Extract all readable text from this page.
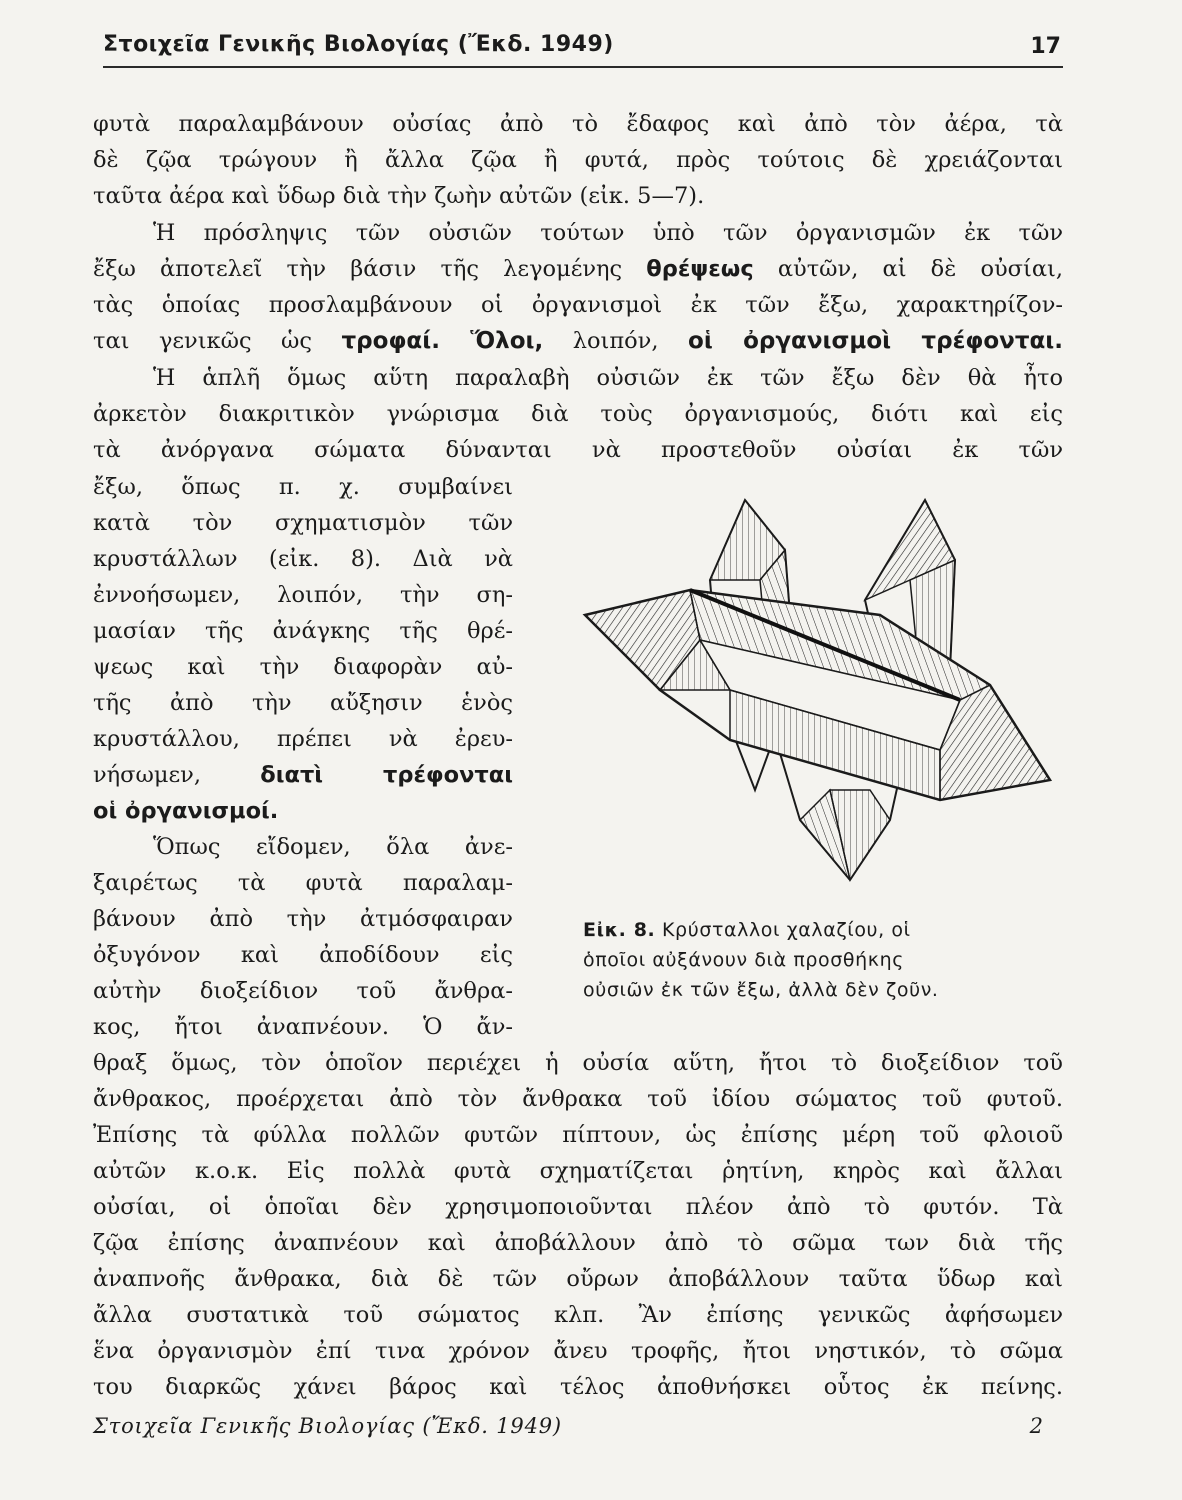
Στοιχεῖα Γενικῆς Βιολογίας (Ἔκδ. 1949)	17
φυτὰ παραλαμβάνουν οὐσίας ἀπὸ τὸ ἔδαφος καὶ ἀπὸ τὸν ἀέρα, τὰ
δὲ ζῷα τρώγουν ἢ ἄλλα ζῷα ἢ φυτά, πρὸς τούτοις δὲ χρειάζονται
ταῦτα ἀέρα καὶ ὕδωρ διὰ τὴν ζωὴν αὐτῶν (εἰκ. 5—7).
Ἡ πρόσληψις τῶν οὐσιῶν τούτων ὑπὸ τῶν ὀργανισμῶν ἐκ τῶν
ἔξω ἀποτελεῖ τὴν βάσιν τῆς λεγομένης θρέψεως αὐτῶν, αἱ δὲ οὐσίαι,
τὰς ὁποίας προσλαμβάνουν οἱ ὀργανισμοὶ ἐκ τῶν ἔξω, χαρακτηρίζον-
ται γενικῶς ὡς τροφαί. Ὅλοι, λοιπόν, οἱ ὀργανισμοὶ τρέφονται.
Ἡ ἁπλῆ ὅμως αὕτη παραλαβὴ οὐσιῶν ἐκ τῶν ἔξω δὲν θὰ ἦτο
ἀρκετὸν διακριτικὸν γνώρισμα διὰ τοὺς ὀργανισμούς, διότι καὶ εἰς
τὰ ἀνόργανα σώματα δύνανται νὰ προστεθοῦν οὐσίαι ἐκ τῶν
ἔξω, ὅπως π. χ. συμβαίνει
κατὰ τὸν σχηματισμὸν τῶν
κρυστάλλων (εἰκ. 8). Διὰ νὰ
ἐννοήσωμεν, λοιπόν, τὴν ση-
μασίαν τῆς ἀνάγκης τῆς θρέ-
ψεως καὶ τὴν διαφορὰν αὐ-
τῆς ἀπὸ τὴν αὔξησιν ἑνὸς
κρυστάλλου, πρέπει νὰ ἐρευ-
νήσωμεν,	διατὶ τρέφονται
οἱ ὀργανισμοί.
Ὅπως εἴδομεν, ὅλα ἀνε-
ξαιρέτως τὰ φυτὰ παραλαμ-
βάνουν ἀπὸ τὴν ἀτμόσφαιραν
ὀξυγόνον καὶ ἀποδίδουν εἰς
αὐτὴν διοξείδιον τοῦ ἄνθρα-
κος, ἤτοι ἀναπνέουν. Ὁ ἄν-
Εἰκ. 8. Κρύσταλλοι χαλαζίου, οἱ
ὁποῖοι αὐξάνουν διὰ προσθήκης
οὐσιῶν ἐκ τῶν ἔξω, ἀλλὰ δὲν ζοῦν.
θραξ ὅμως, τὸν ὁποῖον περιέχει ἡ οὐσία αὕτη, ἤτοι τὸ διοξείδιον τοῦ
ἄνθρακος, προέρχεται ἀπὸ τὸν ἄνθρακα τοῦ ἰδίου σώματος τοῦ φυτοῦ.
Ἐπίσης τὰ φύλλα πολλῶν φυτῶν πίπτουν, ὡς ἐπίσης μέρη τοῦ φλοιοῦ
αὐτῶν κ.ο.κ. Εἰς πολλὰ φυτὰ σχηματίζεται ῥητίνη, κηρὸς καὶ ἄλλαι
οὐσίαι, οἱ ὁποῖαι δὲν χρησιμοποιοῦνται πλέον ἀπὸ τὸ φυτόν. Τὰ
ζῷα ἐπίσης ἀναπνέουν καὶ ἀποβάλλουν ἀπὸ τὸ σῶμα των διὰ τῆς
ἀναπνοῆς ἄνθρακα, διὰ δὲ τῶν οὔρων ἀποβάλλουν ταῦτα ὕδωρ καὶ
ἄλλα συστατικὰ τοῦ σώματος κλπ. Ἂν ἐπίσης γενικῶς ἀφήσωμεν
ἕνα ὀργανισμὸν ἐπί τινα χρόνον ἄνευ τροφῆς, ἤτοι νηστικόν, τὸ σῶμα
του διαρκῶς χάνει βάρος καὶ τέλος ἀποθνήσκει οὗτος ἐκ πείνης.
Στοιχεῖα Γενικῆς Βιολογίας (Ἔκδ. 1949)	2
